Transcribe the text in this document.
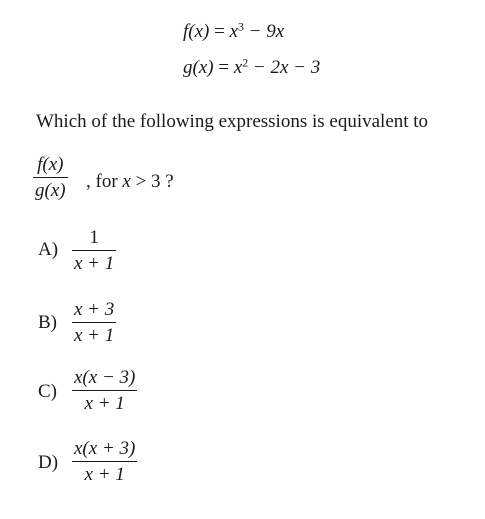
$f(x) = x^3 - 9x$
$g(x) = x^2 - 2x - 3$
Which of the following expressions is equivalent to
f(x)
g(x) , for x > 3 ?
A)
1
x + 1
B)
x + 3
x + 1
C)
x(x − 3)
x + 1
D)
x(x + 3)
x + 1
